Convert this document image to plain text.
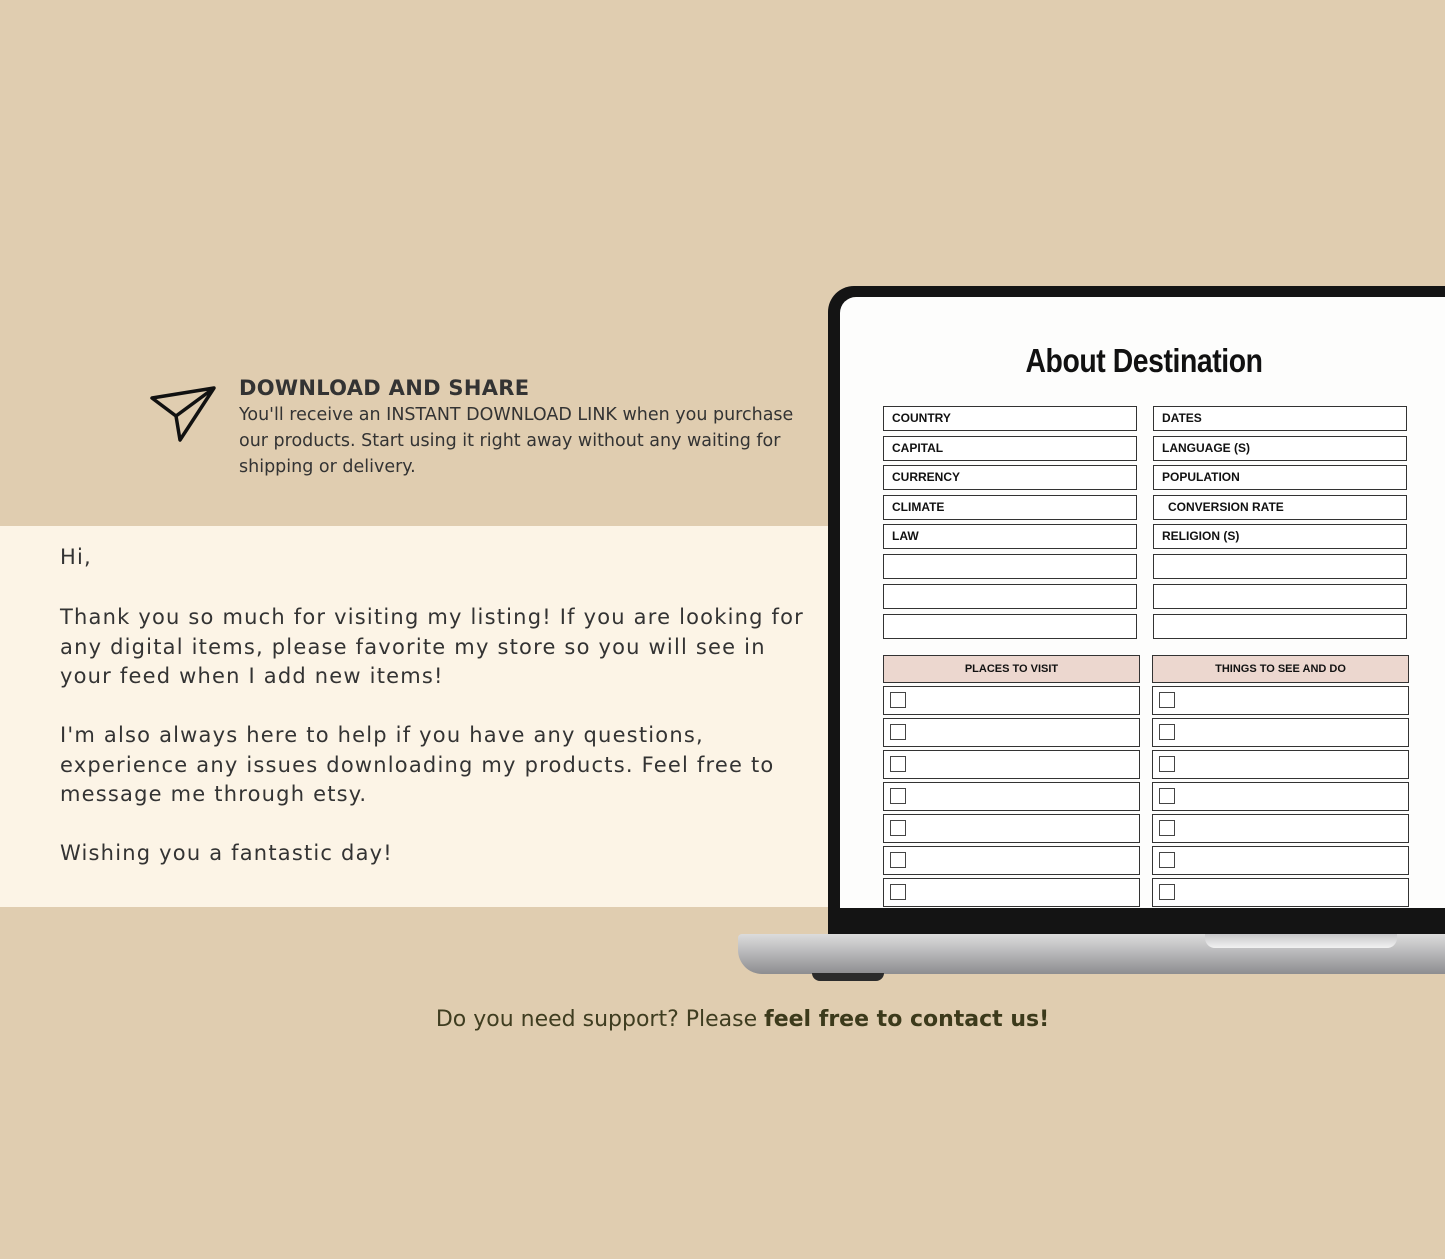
DOWNLOAD AND SHARE
You'll receive an INSTANT DOWNLOAD LINK when you purchase our products. Start using it right away without any waiting for shipping or delivery.

Hi,

Thank you so much for visiting my listing! If you are looking for any digital items, please favorite my store so you will see in your feed when I add new items!

I'm also always here to help if you have any questions, experience any issues downloading my products. Feel free to message me through etsy.

Wishing you a fantastic day!

About Destination
COUNTRY
CAPITAL
CURRENCY
CLIMATE
LAW
DATES
LANGUAGE (S)
POPULATION
CONVERSION RATE
RELIGION (S)
PLACES TO VISIT	THINGS TO SEE AND DO
Do you need support? Please feel free to contact us!
